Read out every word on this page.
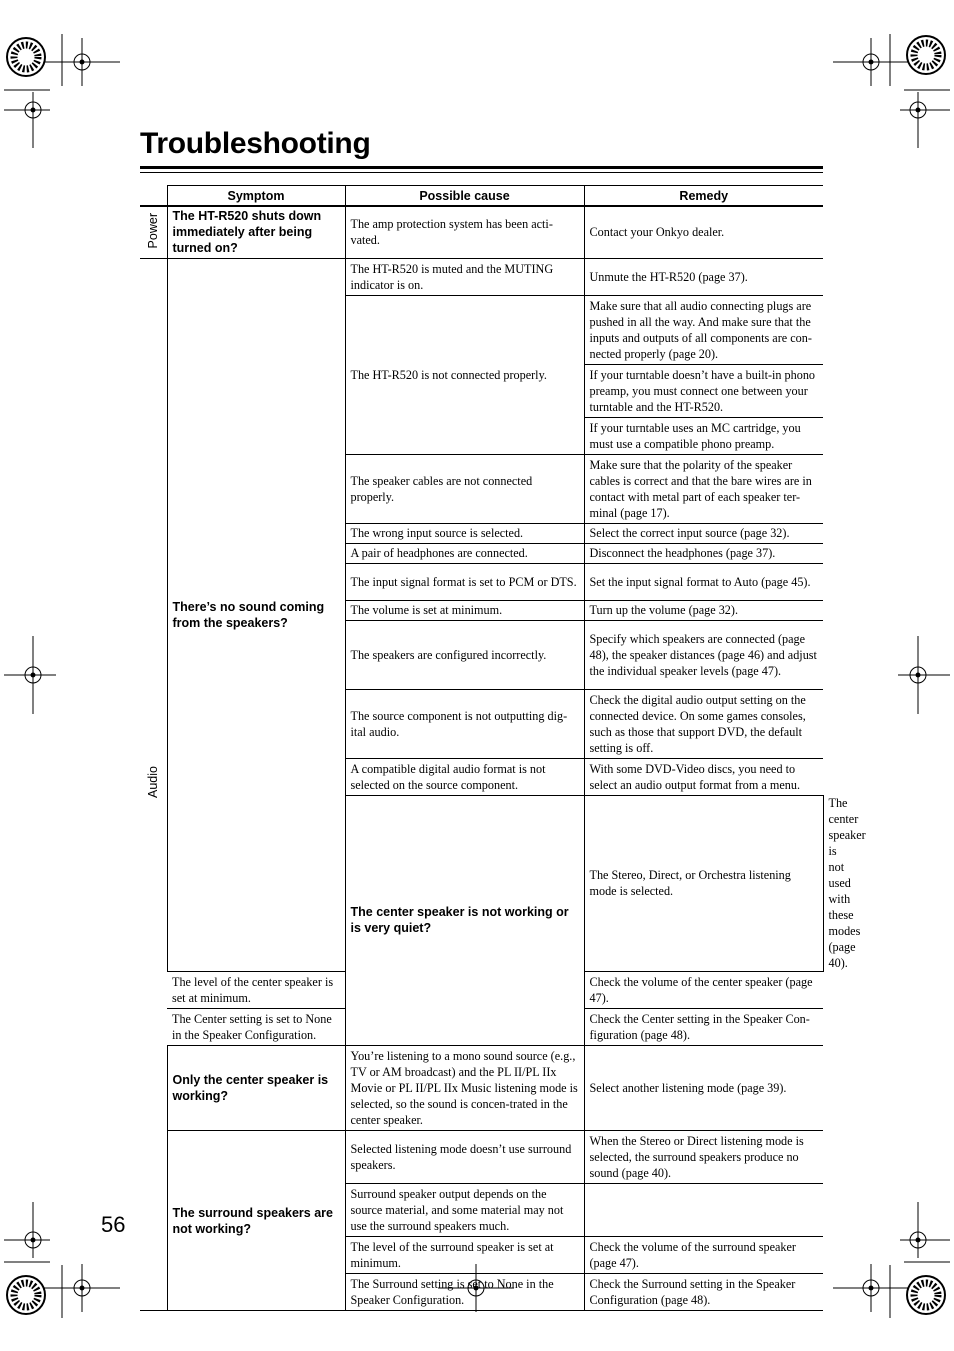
Troubleshooting
	Symptom	Possible cause	Remedy	
Power	The HT-R520 shuts down immediately after being turned on?	The amp protection system has been acti-vated.	Contact your Onkyo dealer.	
Audio	There’s no sound coming from the speakers?	The HT-R520 is muted and the MUTING indicator is on.	Unmute the HT-R520 (page 37).	
		The HT-R520 is not connected properly.	Make sure that all audio connecting plugs are pushed in all the way. And make sure that the inputs and outputs of all components are con-nected properly (page 20).	
			If your turntable doesn’t have a built-in phono preamp, you must connect one between your turntable and the HT-R520.	
			If your turntable uses an MC cartridge, you must use a compatible phono preamp.	
		The speaker cables are not connected properly.	Make sure that the polarity of the speaker cables is correct and that the bare wires are in contact with metal part of each speaker ter-minal (page 17).	
		The wrong input source is selected.	Select the correct input source (page 32).	
		A pair of headphones are connected.	Disconnect the headphones (page 37).	
		The input signal format is set to PCM or DTS.	Set the input signal format to Auto (page 45).	
		The volume is set at minimum.	Turn up the volume (page 32).	
		The speakers are configured incorrectly.	Specify which speakers are connected (page 48), the speaker distances (page 46) and adjust the individual speaker levels (page 47).	
		The source component is not outputting dig-ital audio.	Check the digital audio output setting on the connected device. On some games consoles, such as those that support DVD, the default setting is off.	
		A compatible digital audio format is not selected on the source component.	With some DVD-Video discs, you need to select an audio output format from a menu.	
		The center speaker is not working or is very quiet?	The Stereo, Direct, or Orchestra listening mode is selected.	The center speaker is not used with these modes (page 40).
	The level of the center speaker is set at minimum.		Check the volume of the center speaker (page 47).	
	The Center setting is set to None in the Speaker Configuration.		Check the Center setting in the Speaker Con-figuration (page 48).	
	Only the center speaker is working?	You’re listening to a mono sound source (e.g., TV or AM broadcast) and the PL II/PL IIx Movie or PL II/PL IIx Music listening mode is selected, so the sound is concen-trated in the center speaker.	Select another listening mode (page 39).	
	The surround speakers are not working?	Selected listening mode doesn’t use surround speakers.	When the Stereo or Direct listening mode is selected, the surround speakers produce no sound (page 40).	
		Surround speaker output depends on the source material, and some material may not use the surround speakers much.		
		The level of the surround speaker is set at minimum.	Check the volume of the surround speaker (page 47).	
		The Surround setting is set to None in the Speaker Configuration.	Check the Surround setting in the Speaker Configuration (page 48).	
56
